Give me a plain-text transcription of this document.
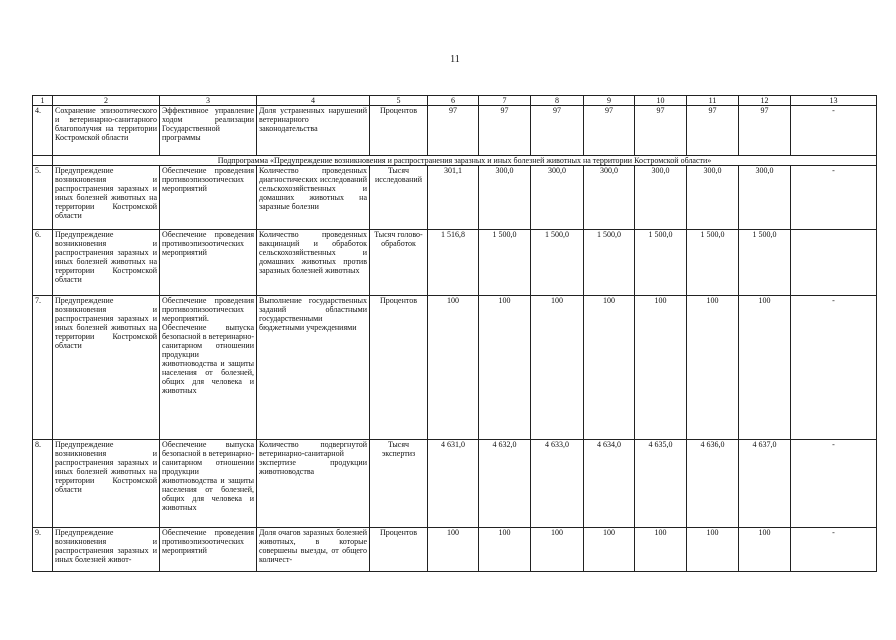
11
1	2	3	4	5	6	7	8	9	10	11	12	13
4.	Сохранение эпизоотического и ветеринарно-санитарного благополучия на территории Костромской области	Эффективное управление ходом реализации Государственной программы	Доля устраненных нарушений ветеринарного законодательства	Процентов	97	97	97	97	97	97	97	-
	Подпрограмма «Предупреждение возникновения и распространения заразных и иных болезней животных на территории Костромской области»											
5.	Предупреждение возникновения и распространения заразных и иных болезней животных на территории Костромской области	Обеспечение проведения противоэпизоотических мероприятий	Количество проведенных диагностических исследований сельскохозяйственных и домашних животных на заразные болезни	Тысяч исследований	301,1	300,0	300,0	300,0	300,0	300,0	300,0	-
6.	Предупреждение возникновения и распространения заразных и иных болезней животных на территории Костромской области	Обеспечение проведения противоэпизоотических мероприятий	Количество проведенных вакцинаций и обработок сельскохозяйственных и домашних животных против заразных болезней животных	Тысяч голово-обработок	1 516,8	1 500,0	1 500,0	1 500,0	1 500,0	1 500,0	1 500,0	
7.	Предупреждение возникновения и распространения заразных и иных болезней животных на территории Костромской области	Обеспечение проведения противоэпизоотических мероприятий. Обеспечение выпуска безопасной в ветеринарно-санитарном отношении продукции животноводства и защиты населения от болезней, общих для человека и животных	Выполнение государственных заданий областными государственными бюджетными учреждениями	Процентов	100	100	100	100	100	100	100	-
8.	Предупреждение возникновения и распространения заразных и иных болезней животных на территории Костромской области	Обеспечение выпуска безопасной в ветеринарно-санитарном отношении продукции животноводства и защиты населения от болезней, общих для человека и животных	Количество подвергнутой ветеринарно-санитарной экспертизе продукции животноводства	Тысяч экспертиз	4 631,0	4 632,0	4 633,0	4 634,0	4 635,0	4 636,0	4 637,0	-
9.	Предупреждение возникновения и распространения заразных и иных болезней живот-	Обеспечение проведения противоэпизоотических мероприятий	Доля очагов заразных болезней животных, в которые совершены выезды, от общего количест-	Процентов	100	100	100	100	100	100	100	-
